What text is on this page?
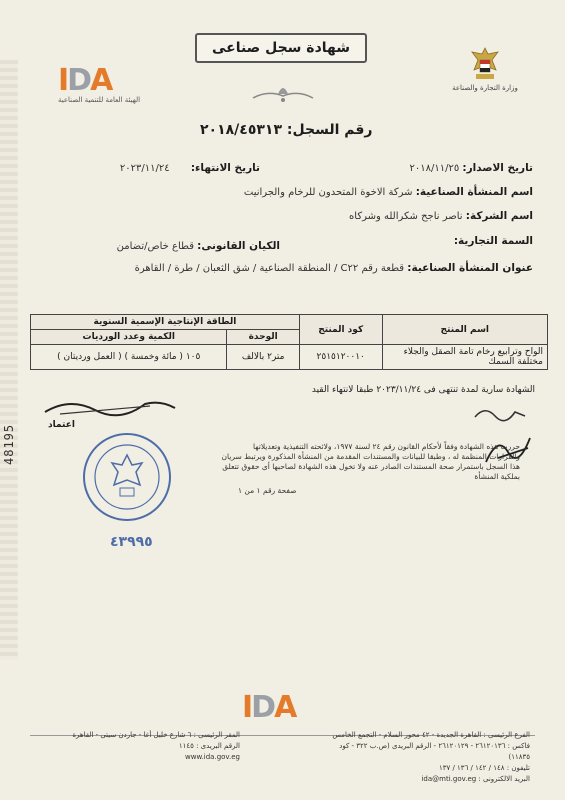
48195
IDA
الهيئة العامة للتنمية الصناعية
شهادة سجل صناعى
وزارة التجارة والصناعة
رقم السجل: ٢٠١٨/٤٥٣١٣
تاريخ الاصدار: ٢٠١٨/١١/٢٥
تاريخ الانتهاء: ٢٠٢٣/١١/٢٤
اسم المنشأة الصناعية: شركة الاخوة المتحدون للرخام والجرانيت
اسم الشركة: ناصر ناجح شكرالله وشركاه
السمة التجارية:
الكيان القانونى: قطاع خاص/تضامن
عنوان المنشأة الصناعية: قطعة رقم C٢٢ / المنطقة الصناعية / شق الثعبان / طرة / القاهرة
اسم المنتج	كود المنتج	الطاقة الإنتاجية الإسمية السنوية	
		الوحدة	الكمية وعدد الورديات
الواح وترابيع رخام تامة الصقل والجلاء مختلفة السمك	٢٥١٥١٢٠٠١٠	متر٢ بالالف	١٠٥ ( مائة وخمسة ) ( العمل ورديتان )
الشهادة سارية لمدة تنتهى فى ٢٠٢٣/١١/٢٤ طبقا لانتهاء القيد
اعتماد
٤٣٩٩٥
حررت هذه الشهادة وفقاً لأحكام القانون رقم ٢٤ لسنة ١٩٧٧، ولائحته التنفيذية وتعديلاتها والقرارات المنظمة له ، وطبقا للبيانات والمستندات المقدمة من المنشأة المذكورة ويرتبط سريان هذا السجل باستمرار صحة المستندات الصادر عنه ولا تخول هذه الشهادة لصاحبها أى حقوق تتعلق بملكية المنشأة
صفحة رقم ١ من ١
IDA
الفرع الرئيسى : القاهرة الجديدة - ٤٢ محور السلام - التجمع الخامس
فاكس : ٢٦١٢٠١٣٦ - ٢٦١٢٠١٢٩ - الرقم البريدى (ص.ب ٣٢٢ - كود ١١٨٣٥)
تليفون : ١٤٨ / ١٤٢ / ١٣٦ / ١٣٧
البريد الالكترونى : ida@mti.gov.eg
المقر الرئيسى : ٦ شارع خليل أغا - جاردن سيتى - القاهرة
الرقم البريدى : ١١٤٥
www.ida.gov.eg
